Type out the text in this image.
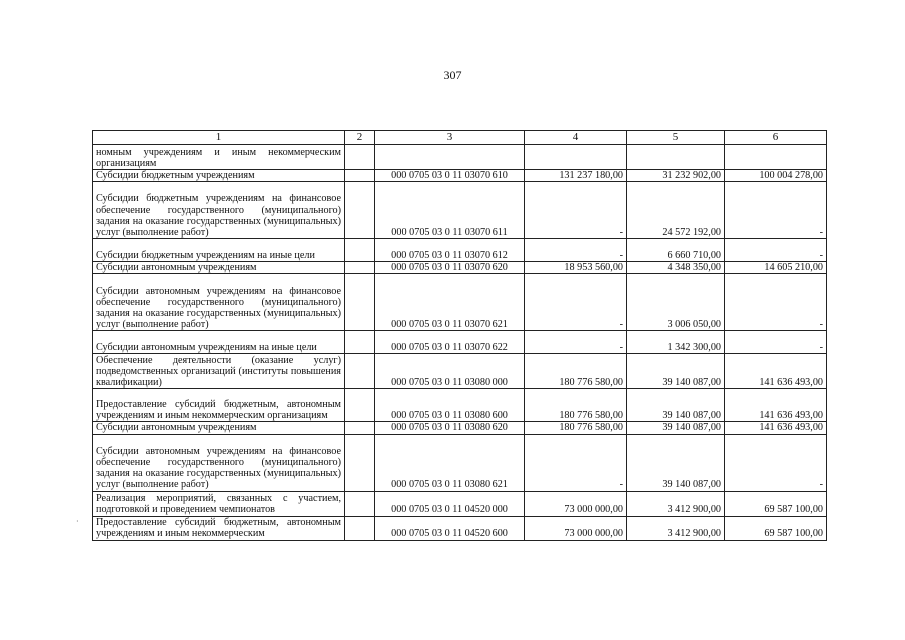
307
1	2	3	4	5	6
номным учреждениям и иным некоммерческим организациям					
Субсидии бюджетным учреждениям		000 0705 03 0 11 03070 610	131 237 180,00	31 232 902,00	100 004 278,00
Субсидии бюджетным учреждениям на финансовое обеспечение государственного (муниципального) задания на оказание государственных (муниципальных) услуг (выполнение работ)		000 0705 03 0 11 03070 611	-	24 572 192,00	-
Субсидии бюджетным учреждениям на иные цели		000 0705 03 0 11 03070 612	-	6 660 710,00	-
Субсидии автономным учреждениям		000 0705 03 0 11 03070 620	18 953 560,00	4 348 350,00	14 605 210,00
Субсидии автономным учреждениям на финансовое обеспечение государственного (муниципального) задания на оказание государственных (муниципальных) услуг (выполнение работ)		000 0705 03 0 11 03070 621	-	3 006 050,00	-
Субсидии автономным учреждениям на иные цели		000 0705 03 0 11 03070 622	-	1 342 300,00	-
Обеспечение деятельности (оказание услуг) подведомственных организаций (институты повышения квалификации)		000 0705 03 0 11 03080 000	180 776 580,00	39 140 087,00	141 636 493,00
Предоставление субсидий бюджетным, автономным учреждениям и иным некоммерческим организациям		000 0705 03 0 11 03080 600	180 776 580,00	39 140 087,00	141 636 493,00
Субсидии автономным учреждениям		000 0705 03 0 11 03080 620	180 776 580,00	39 140 087,00	141 636 493,00
Субсидии автономным учреждениям на финансовое обеспечение государственного (муниципального) задания на оказание государственных (муниципальных) услуг (выполнение работ)		000 0705 03 0 11 03080 621	-	39 140 087,00	-
Реализация мероприятий, связанных с участием, подготовкой и проведением чемпионатов		000 0705 03 0 11 04520 000	73 000 000,00	3 412 900,00	69 587 100,00
Предоставление субсидий бюджетным, автономным учреждениям и иным некоммерческим		000 0705 03 0 11 04520 600	73 000 000,00	3 412 900,00	69 587 100,00
·
